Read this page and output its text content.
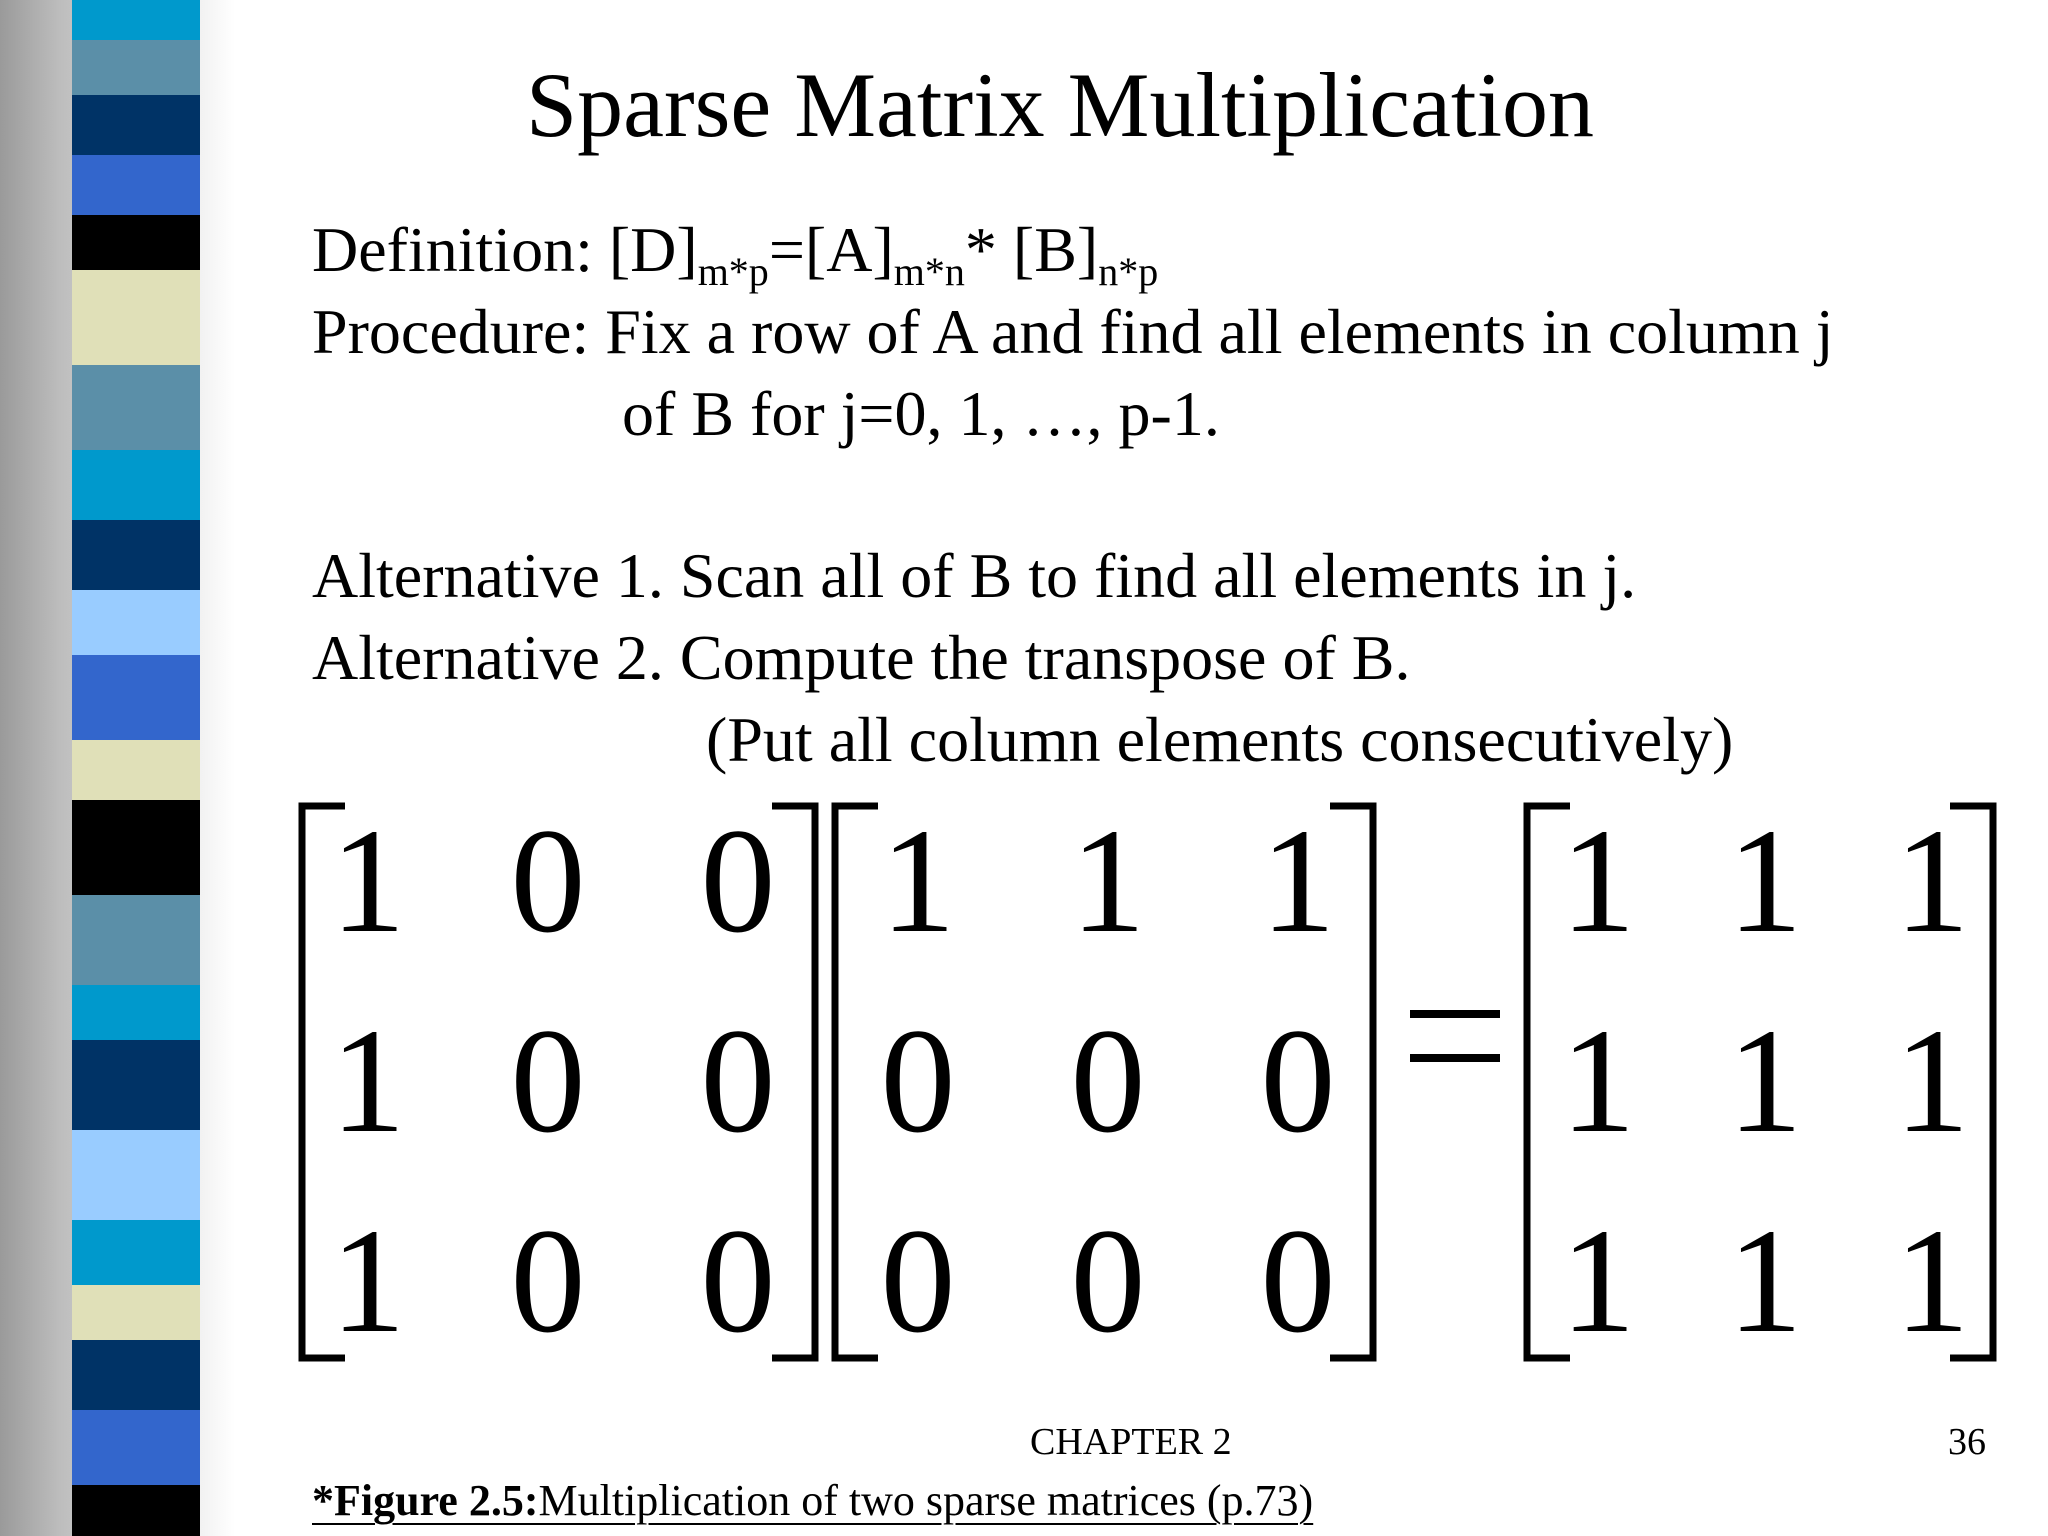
Sparse Matrix Multiplication
Definition: $[D]_{m*p}=[A]_{m*n}*$ $[B]_{n*p}$
Procedure: Fix a row of A and find all elements in column j
of B for j=0, 1, …, p-1.
Alternative 1. Scan all of B to find all elements in j.
Alternative 2. Compute the transpose of B.
(Put all column elements consecutively)
1 0 0
1 0 0
1 0 0
1 1 1
0 0 0
0 0 0
1 1 1
1 1 1
1 1 1
CHAPTER 2	36
*Figure 2.5:Multiplication of two sparse matrices (p.73)
